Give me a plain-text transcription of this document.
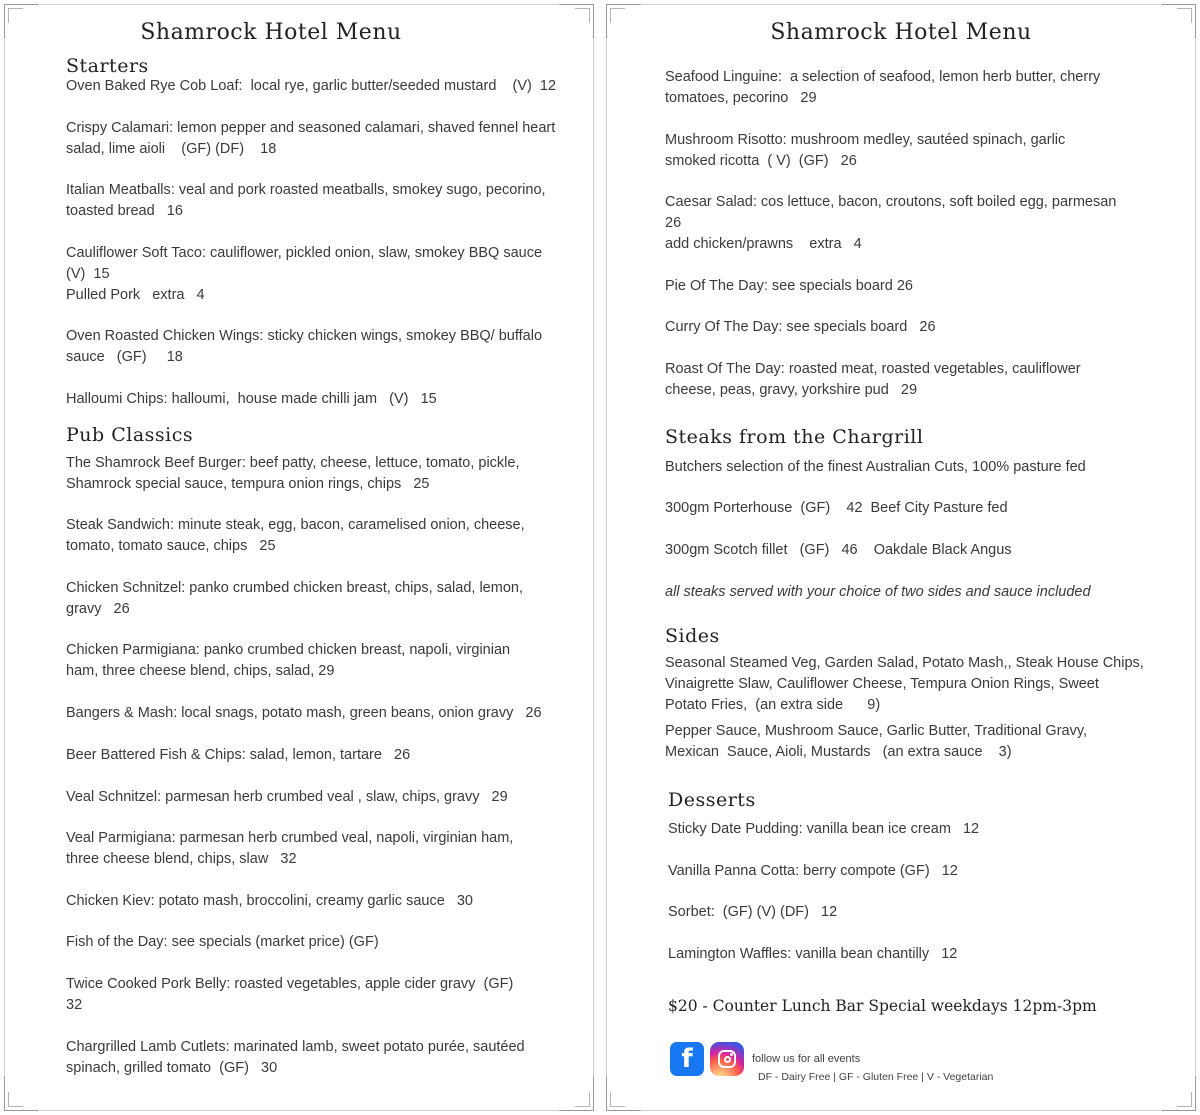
Shamrock Hotel Menu
Starters
Oven Baked Rye Cob Loaf:  local rye, garlic butter/seeded mustard    (V)  12
Crispy Calamari: lemon pepper and seasoned calamari, shaved fennel heart
salad, lime aioli    (GF) (DF)    18
Italian Meatballs: veal and pork roasted meatballs, smokey sugo, pecorino,
toasted bread   16
Cauliflower Soft Taco: cauliflower, pickled onion, slaw, smokey BBQ sauce
(V)  15
Pulled Pork   extra   4
Oven Roasted Chicken Wings: sticky chicken wings, smokey BBQ/ buffalo
sauce   (GF)     18
Halloumi Chips: halloumi,  house made chilli jam   (V)   15
Pub Classics
The Shamrock Beef Burger: beef patty, cheese, lettuce, tomato, pickle,
Shamrock special sauce, tempura onion rings, chips   25
Steak Sandwich: minute steak, egg, bacon, caramelised onion, cheese,
tomato, tomato sauce, chips   25
Chicken Schnitzel: panko crumbed chicken breast, chips, salad, lemon,
gravy   26
Chicken Parmigiana: panko crumbed chicken breast, napoli, virginian
ham, three cheese blend, chips, salad, 29
Bangers & Mash: local snags, potato mash, green beans, onion gravy   26
Beer Battered Fish & Chips: salad, lemon, tartare   26
Veal Schnitzel: parmesan herb crumbed veal , slaw, chips, gravy   29
Veal Parmigiana: parmesan herb crumbed veal, napoli, virginian ham,
three cheese blend, chips, slaw   32
Chicken Kiev: potato mash, broccolini, creamy garlic sauce   30
Fish of the Day: see specials (market price) (GF)
Twice Cooked Pork Belly: roasted vegetables, apple cider gravy  (GF)
32
Chargrilled Lamb Cutlets: marinated lamb, sweet potato purée, sautéed
spinach, grilled tomato  (GF)   30
Shamrock Hotel Menu
Seafood Linguine:  a selection of seafood, lemon herb butter, cherry
tomatoes, pecorino   29
Mushroom Risotto: mushroom medley, sautéed spinach, garlic
smoked ricotta  ( V)  (GF)   26
Caesar Salad: cos lettuce, bacon, croutons, soft boiled egg, parmesan
26
add chicken/prawns    extra   4
Pie Of The Day: see specials board 26
Curry Of The Day: see specials board   26
Roast Of The Day: roasted meat, roasted vegetables, cauliflower
cheese, peas, gravy, yorkshire pud   29
Steaks from the Chargrill
Butchers selection of the finest Australian Cuts, 100% pasture fed
300gm Porterhouse  (GF)    42  Beef City Pasture fed
300gm Scotch fillet   (GF)   46    Oakdale Black Angus
all steaks served with your choice of two sides and sauce included
Sides
Seasonal Steamed Veg, Garden Salad, Potato Mash,, Steak House Chips,
Vinaigrette Slaw, Cauliflower Cheese, Tempura Onion Rings, Sweet
Potato Fries,  (an extra side      9)
Pepper Sauce, Mushroom Sauce, Garlic Butter, Traditional Gravy,
Mexican  Sauce, Aioli, Mustards   (an extra sauce    3)
Desserts
Sticky Date Pudding: vanilla bean ice cream   12
Vanilla Panna Cotta: berry compote (GF)   12
Sorbet:  (GF) (V) (DF)   12
Lamington Waffles: vanilla bean chantilly   12
$20 - Counter Lunch Bar Special weekdays 12pm-3pm
f	follow us for all events
DF - Dairy Free | GF - Gluten Free | V - Vegetarian
